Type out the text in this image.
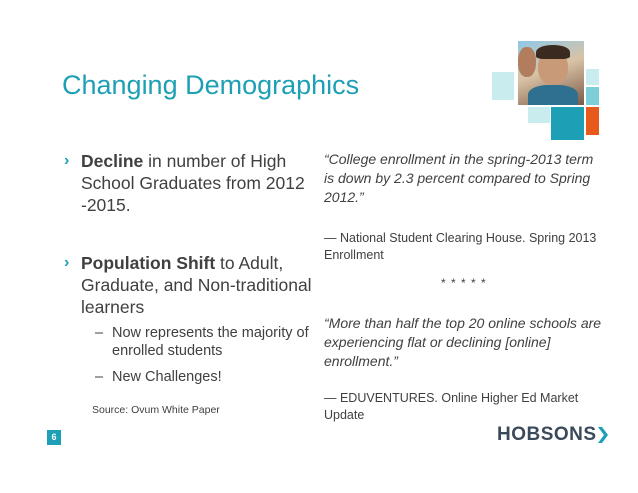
Changing Demographics
› Decline in number of High School Graduates from 2012 -2015.
› Population Shift to Adult, Graduate, and Non-traditional learners
– Now represents the majority of enrolled students
– New Challenges!
Source: Ovum White Paper

“College enrollment in the spring-2013 term is down by 2.3 percent compared to Spring 2012.”

— National Student Clearing House. Spring 2013 Enrollment

* * * * *

“More than half the top 20 online schools are experiencing flat or declining [online] enrollment.”

— EDUVENTURES. Online Higher Ed Market Update

6	HOBSONS
